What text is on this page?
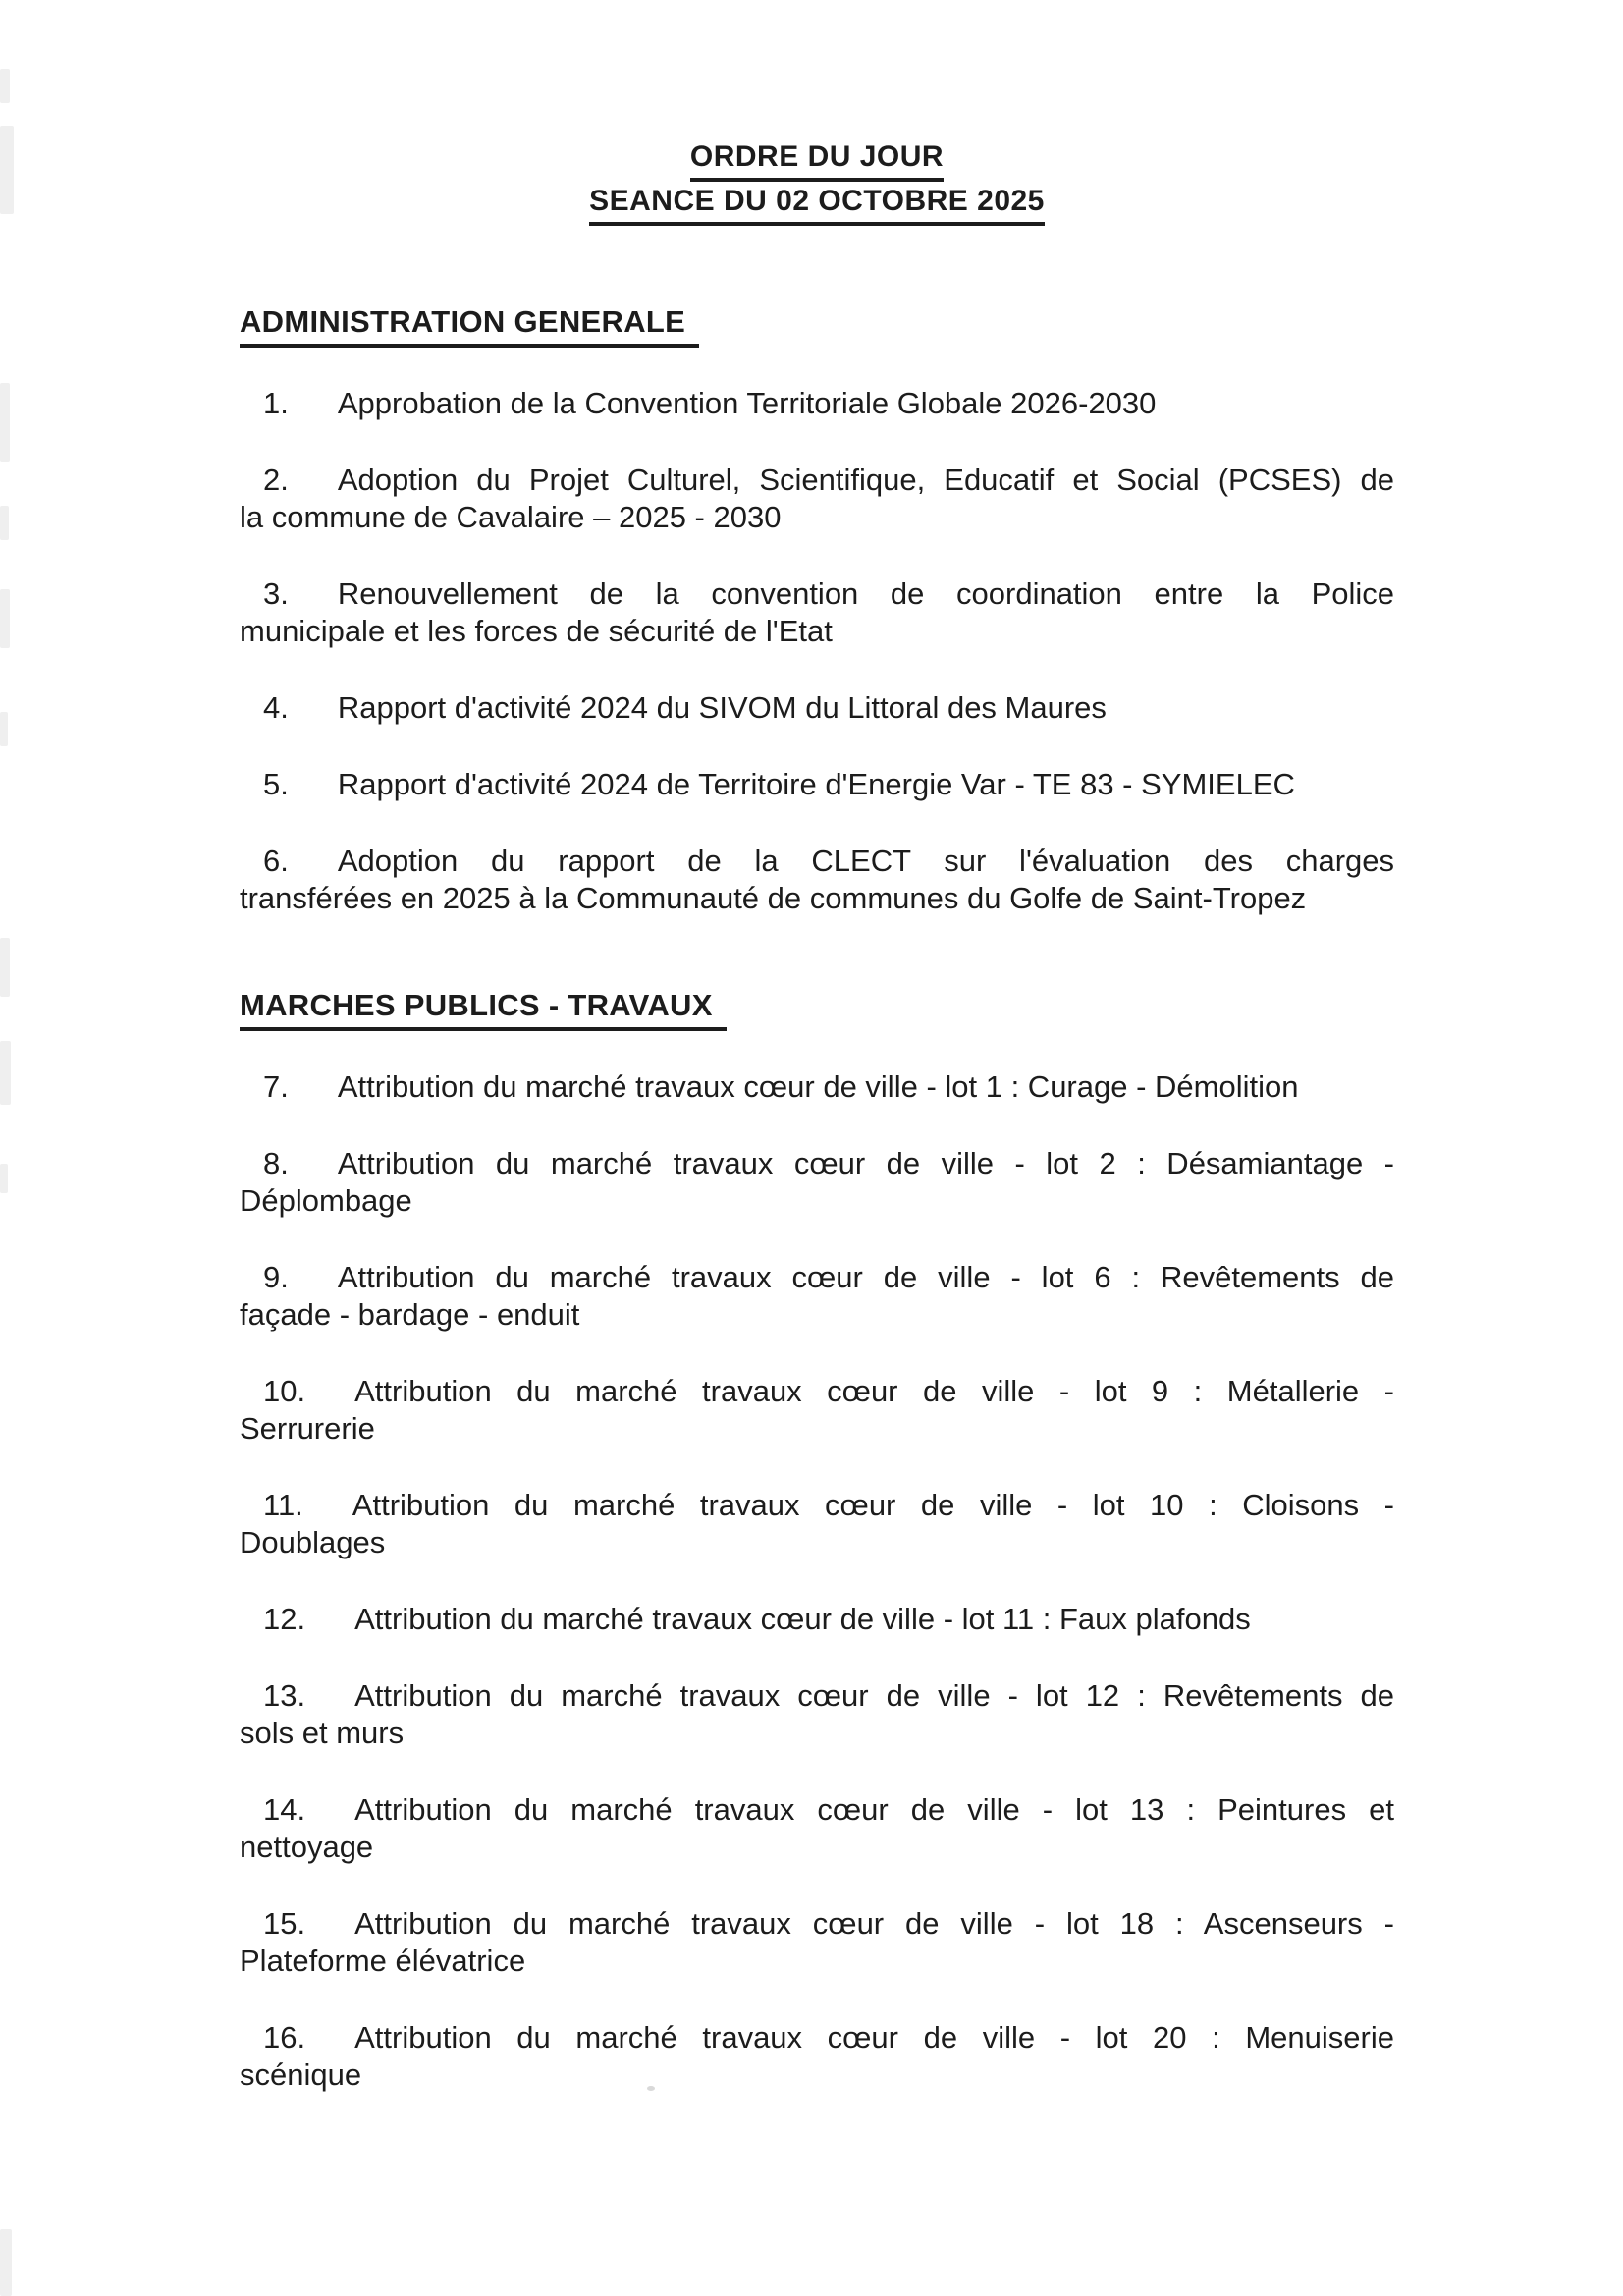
ORDRE DU JOUR
SEANCE DU 02 OCTOBRE 2025
ADMINISTRATION GENERALE
1. Approbation de la Convention Territoriale Globale 2026-2030
2. Adoption du Projet Culturel, Scientifique, Educatif et Social (PCSES) de
la commune de Cavalaire – 2025 - 2030
3. Renouvellement de la convention de coordination entre la Police
municipale et les forces de sécurité de l'Etat
4. Rapport d'activité 2024 du SIVOM du Littoral des Maures
5. Rapport d'activité 2024 de Territoire d'Energie Var - TE 83 - SYMIELEC
6. Adoption du rapport de la CLECT sur l'évaluation des charges
transférées en 2025 à la Communauté de communes du Golfe de Saint-Tropez
MARCHES PUBLICS - TRAVAUX
7. Attribution du marché travaux cœur de ville - lot 1 : Curage - Démolition
8. Attribution du marché travaux cœur de ville - lot 2 : Désamiantage -
Déplombage
9. Attribution du marché travaux cœur de ville - lot 6 : Revêtements de
façade - bardage - enduit
10. Attribution du marché travaux cœur de ville - lot 9 : Métallerie -
Serrurerie
11. Attribution du marché travaux cœur de ville - lot 10 : Cloisons -
Doublages
12. Attribution du marché travaux cœur de ville - lot 11 : Faux plafonds
13. Attribution du marché travaux cœur de ville - lot 12 : Revêtements de
sols et murs
14. Attribution du marché travaux cœur de ville - lot 13 : Peintures et
nettoyage
15. Attribution du marché travaux cœur de ville - lot 18 : Ascenseurs -
Plateforme élévatrice
16. Attribution du marché travaux cœur de ville - lot 20 : Menuiserie
scénique
